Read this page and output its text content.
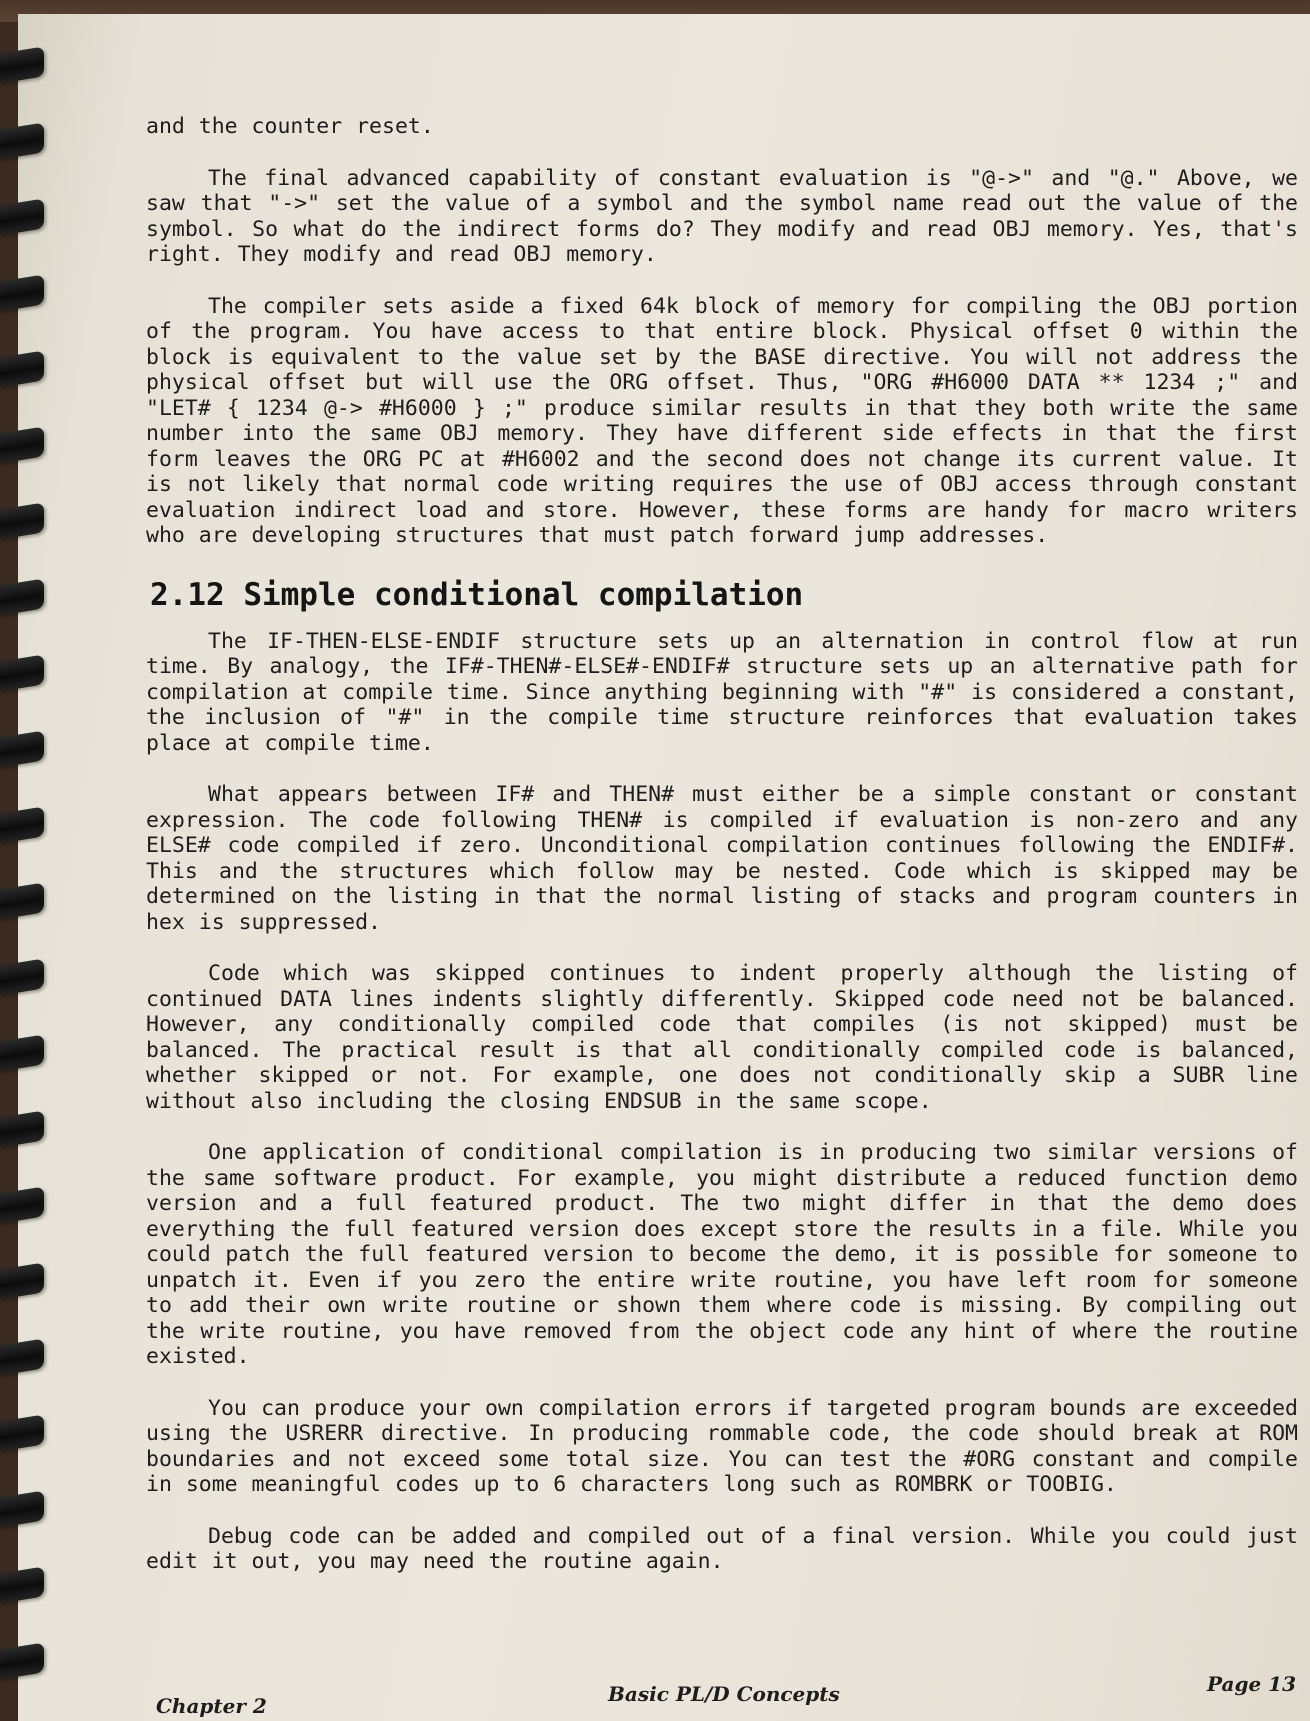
and the counter reset.

The final advanced capability of constant evaluation is "@->" and "@." Above, we saw that "->" set the value of a symbol and the symbol name read out the value of the symbol. So what do the indirect forms do? They modify and read OBJ memory. Yes, that's right. They modify and read OBJ memory.

The compiler sets aside a fixed 64k block of memory for compiling the OBJ portion of the program. You have access to that entire block. Physical offset 0 within the block is equivalent to the value set by the BASE directive. You will not address the physical offset but will use the ORG offset. Thus, "ORG #H6000 DATA ** 1234 ;" and "LET# { 1234 @-> #H6000 } ;" produce similar results in that they both write the same number into the same OBJ memory. They have different side effects in that the first form leaves the ORG PC at #H6002 and the second does not change its current value. It is not likely that normal code writing requires the use of OBJ access through constant evaluation indirect load and store. However, these forms are handy for macro writers who are developing structures that must patch forward jump addresses.

2.12 Simple conditional compilation

The IF-THEN-ELSE-ENDIF structure sets up an alternation in control flow at run time. By analogy, the IF#-THEN#-ELSE#-ENDIF# structure sets up an alternative path for compilation at compile time. Since anything beginning with "#" is considered a constant, the inclusion of "#" in the compile time structure reinforces that evaluation takes place at compile time.

What appears between IF# and THEN# must either be a simple constant or constant expression. The code following THEN# is compiled if evaluation is non-zero and any ELSE# code compiled if zero. Unconditional compilation continues following the ENDIF#. This and the structures which follow may be nested. Code which is skipped may be determined on the listing in that the normal listing of stacks and program counters in hex is suppressed.

Code which was skipped continues to indent properly although the listing of continued DATA lines indents slightly differently. Skipped code need not be balanced. However, any conditionally compiled code that compiles (is not skipped) must be balanced. The practical result is that all conditionally compiled code is balanced, whether skipped or not. For example, one does not conditionally skip a SUBR line without also including the closing ENDSUB in the same scope.

One application of conditional compilation is in producing two similar versions of the same software product. For example, you might distribute a reduced function demo version and a full featured product. The two might differ in that the demo does everything the full featured version does except store the results in a file. While you could patch the full featured version to become the demo, it is possible for someone to unpatch it. Even if you zero the entire write routine, you have left room for someone to add their own write routine or shown them where code is missing. By compiling out the write routine, you have removed from the object code any hint of where the routine existed.

You can produce your own compilation errors if targeted program bounds are exceeded using the USRERR directive. In producing rommable code, the code should break at ROM boundaries and not exceed some total size. You can test the #ORG constant and compile in some meaningful codes up to 6 characters long such as ROMBRK or TOOBIG.

Debug code can be added and compiled out of a final version. While you could just edit it out, you may need the routine again.

Chapter 2	Basic PL/D Concepts	Page 13
